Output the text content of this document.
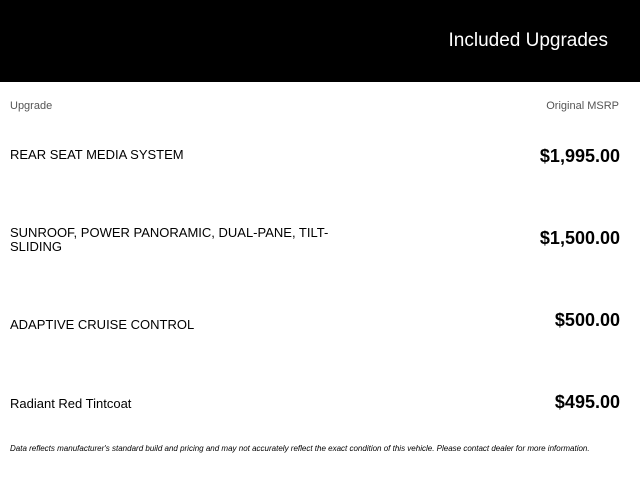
Included Upgrades
Upgrade	Original MSRP
REAR SEAT MEDIA SYSTEM	$1,995.00
SUNROOF, POWER PANORAMIC, DUAL-PANE, TILT-SLIDING	$1,500.00
ADAPTIVE CRUISE CONTROL	$500.00
Radiant Red Tintcoat	$495.00
Data reflects manufacturer's standard build and pricing and may not accurately reflect the exact condition of this vehicle. Please contact dealer for more information.
